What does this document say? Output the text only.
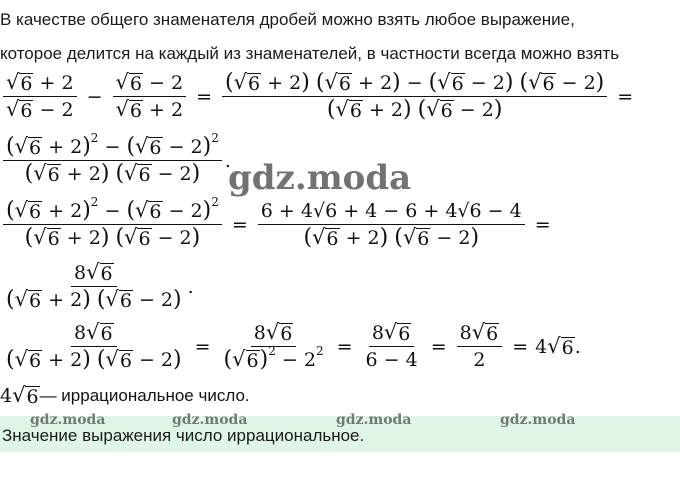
В качестве общего знаменателя дробей можно взять любое выражение,
которое делится на каждый из знаменателей, в частности всегда можно взять
$\frac{√ 6 + 2}{√ 6 - 2} - \frac{√ 6 - 2}{√ 6 + 2}$ =
( √ 6 + 2) ( √ 6 + 2) − ( √ 6 − 2) ( √ 6 − 2)
( √ 6 + 2) ( √ 6 − 2)
=
$\frac{( √ 6 + 2)^2 - ( √ 6 - 2)^2}{( √ 6 + 2) ( √ 6 - 2)}$ .
$\frac{( √ 6 + 2)^2 - ( √ 6 - 2)^2}{( √ 6 + 2) ( √ 6 - 2)} = \frac{6 + 4√6 + 4 - 6 + 4√6 - 4}{( √ 6 + 2) ( √ 6 - 2)}$ =
$\frac{8 √ 6}{( √ 6 + 2) ( √ 6 - 2)}$ .
$\frac{8 √ 6}{( √ 6 + 2) ( √ 6 - 2)} = \frac{8 √ 6}{( √ 6 )^2 - 2^2} = \frac{8 √ 6}{6 - 4} = \frac{8 √ 6}{2} = 4$ √ 6 .
4 √ 6 — иррациональное число.
Значение выражения число иррациональное.
gdz.moda
gdz.moda	gdz.moda	gdz.moda	gdz.moda
